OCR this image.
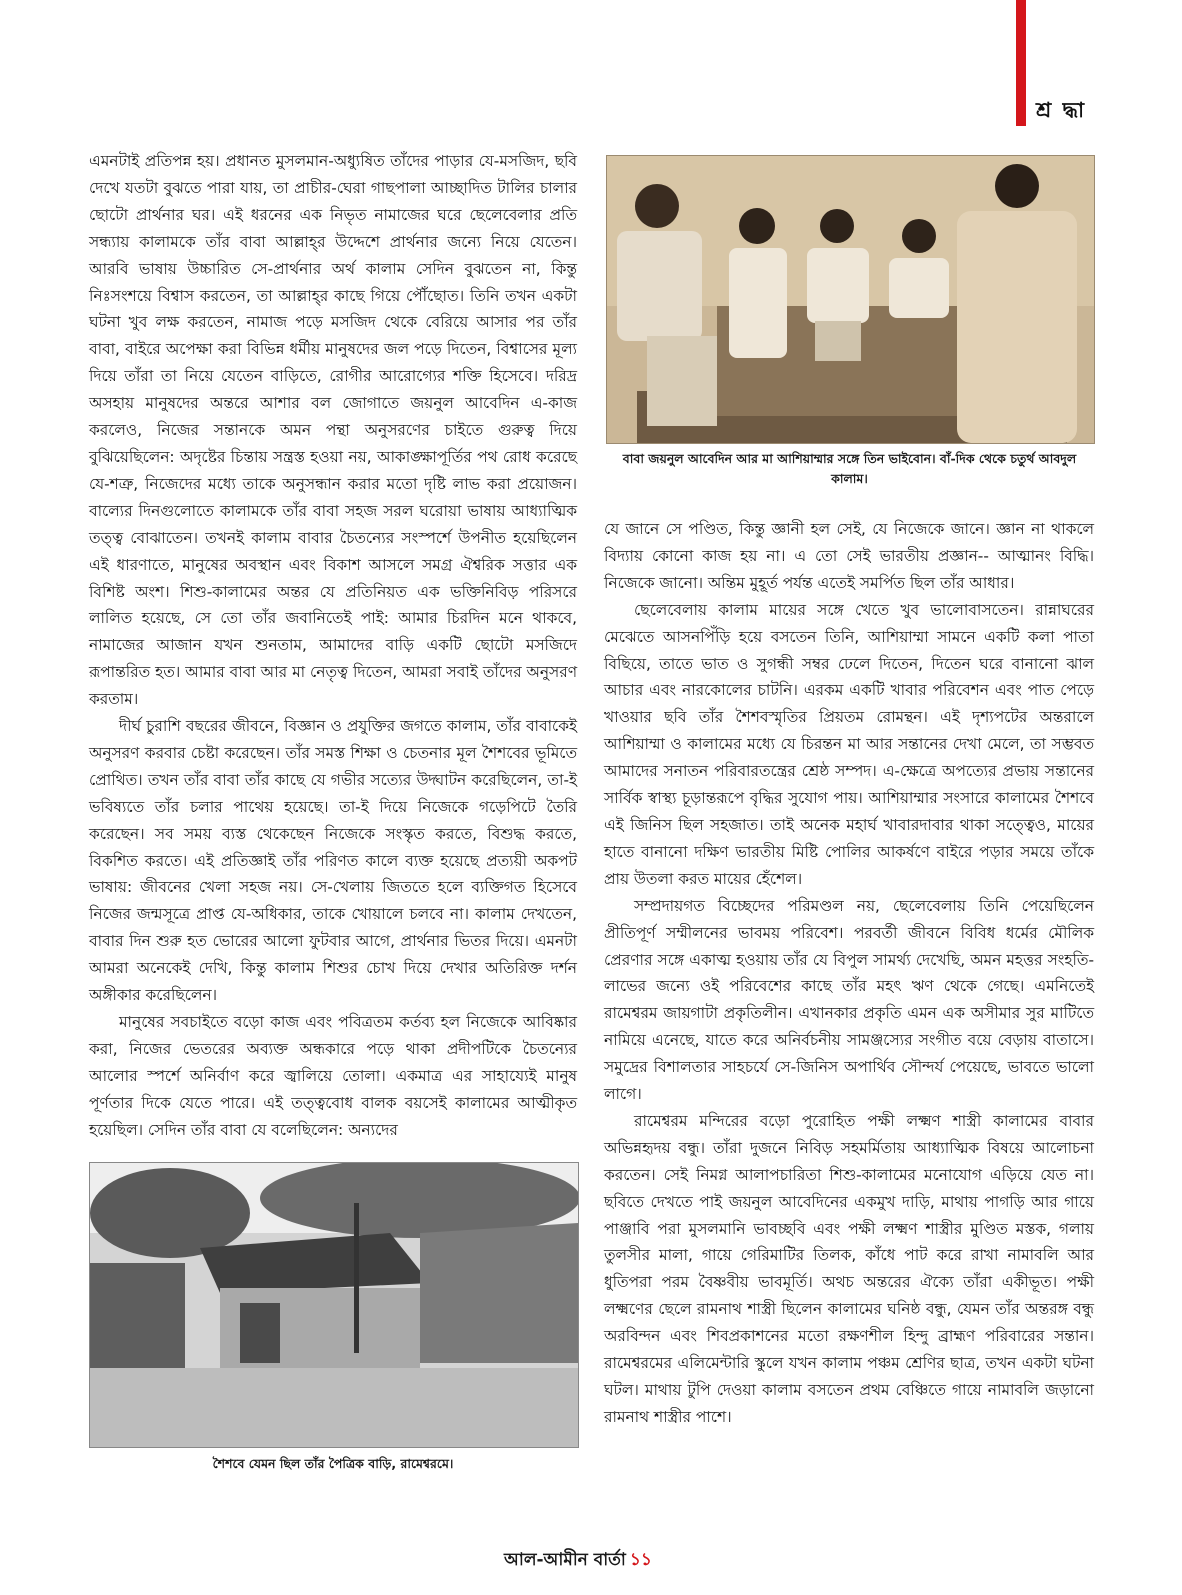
শ্র দ্ধা

এমনটাই প্রতিপন্ন হয়। প্রধানত মুসলমান-অধ্যুষিত তাঁদের পাড়ার যে-মসজিদ, ছবি দেখে যতটা বুঝতে পারা যায়, তা প্রাচীর-ঘেরা গাছপালা আচ্ছাদিত টালির চালার ছোটো প্রার্থনার ঘর। এই ধরনের এক নিভৃত নামাজের ঘরে ছেলেবেলার প্রতি সন্ধ্যায় কালামকে তাঁর বাবা আল্লাহ্‌র উদ্দেশে প্রার্থনার জন্যে নিয়ে যেতেন। আরবি ভাষায় উচ্চারিত সে-প্রার্থনার অর্থ কালাম সেদিন বুঝতেন না, কিন্তু নিঃসংশয়ে বিশ্বাস করতেন, তা আল্লাহ্‌র কাছে গিয়ে পৌঁছোত। তিনি তখন একটা ঘটনা খুব লক্ষ করতেন, নামাজ পড়ে মসজিদ থেকে বেরিয়ে আসার পর তাঁর বাবা, বাইরে অপেক্ষা করা বিভিন্ন ধর্মীয় মানুষদের জল পড়ে দিতেন, বিশ্বাসের মূল্য দিয়ে তাঁরা তা নিয়ে যেতেন বাড়িতে, রোগীর আরোগ্যের শক্তি হিসেবে। দরিদ্র অসহায় মানুষদের অন্তরে আশার বল জোগাতে জয়নুল আবেদিন এ-কাজ করলেও, নিজের সন্তানকে অমন পন্থা অনুসরণের চাইতে গুরুত্ব দিয়ে বুঝিয়েছিলেন: অদৃষ্টের চিন্তায় সন্ত্রস্ত হওয়া নয়, আকাঙ্ক্ষাপূর্তির পথ রোধ করেছে যে-শত্রু, নিজেদের মধ্যে তাকে অনুসন্ধান করার মতো দৃষ্টি লাভ করা প্রয়োজন। বাল্যের দিনগুলোতে কালামকে তাঁর বাবা সহজ সরল ঘরোয়া ভাষায় আধ্যাত্মিক তত্ত্ব বোঝাতেন। তখনই কালাম বাবার চৈতন্যের সংস্পর্শে উপনীত হয়েছিলেন এই ধারণাতে, মানুষের অবস্থান এবং বিকাশ আসলে সমগ্র ঐশ্বরিক সত্তার এক বিশিষ্ট অংশ। শিশু-কালামের অন্তর যে প্রতিনিয়ত এক ভক্তিনিবিড় পরিসরে লালিত হয়েছে, সে তো তাঁর জবানিতেই পাই: আমার চিরদিন মনে থাকবে, নামাজের আজান যখন শুনতাম, আমাদের বাড়ি একটি ছোটো মসজিদে রূপান্তরিত হত। আমার বাবা আর মা নেতৃত্ব দিতেন, আমরা সবাই তাঁদের অনুসরণ করতাম।

দীর্ঘ চুরাশি বছরের জীবনে, বিজ্ঞান ও প্রযুক্তির জগতে কালাম, তাঁর বাবাকেই অনুসরণ করবার চেষ্টা করেছেন। তাঁর সমস্ত শিক্ষা ও চেতনার মূল শৈশবের ভূমিতে প্রোথিত। তখন তাঁর বাবা তাঁর কাছে যে গভীর সত্যের উদ্ঘাটন করেছিলেন, তা-ই ভবিষ্যতে তাঁর চলার পাথেয় হয়েছে। তা-ই দিয়ে নিজেকে গড়েপিটে তৈরি করেছেন। সব সময় ব্যস্ত থেকেছেন নিজেকে সংস্কৃত করতে, বিশুদ্ধ করতে, বিকশিত করতে। এই প্রতিজ্ঞাই তাঁর পরিণত কালে ব্যক্ত হয়েছে প্রত্যয়ী অকপট ভাষায়: জীবনের খেলা সহজ নয়। সে-খেলায় জিততে হলে ব্যক্তিগত হিসেবে নিজের জন্মসূত্রে প্রাপ্ত যে-অধিকার, তাকে খোয়ালে চলবে না। কালাম দেখতেন, বাবার দিন শুরু হত ভোরের আলো ফুটবার আগে, প্রার্থনার ভিতর দিয়ে। এমনটা আমরা অনেকেই দেখি, কিন্তু কালাম শিশুর চোখ দিয়ে দেখার অতিরিক্ত দর্শন অঙ্গীকার করেছিলেন।

মানুষের সবচাইতে বড়ো কাজ এবং পবিত্রতম কর্তব্য হল নিজেকে আবিষ্কার করা, নিজের ভেতরের অব্যক্ত অন্ধকারে পড়ে থাকা প্রদীপটিকে চৈতন্যের আলোর স্পর্শে অনির্বাণ করে জ্বালিয়ে তোলা। একমাত্র এর সাহায্যেই মানুষ পূর্ণতার দিকে যেতে পারে। এই তত্ত্ববোধ বালক বয়সেই কালামের আত্মীকৃত হয়েছিল। সেদিন তাঁর বাবা যে বলেছিলেন: অন্যদের

বাবা জয়নুল আবেদিন আর মা আশিয়াম্মার সঙ্গে তিন ভাইবোন। বাঁ-দিক থেকে চতুর্থ আবদুল কালাম।

যে জানে সে পণ্ডিত, কিন্তু জ্ঞানী হল সেই, যে নিজেকে জানে। জ্ঞান না থাকলে বিদ্যায় কোনো কাজ হয় না। এ তো সেই ভারতীয় প্রজ্ঞান-- আত্মানং বিদ্ধি। নিজেকে জানো। অন্তিম মুহূর্ত পর্যন্ত এতেই সমর্পিত ছিল তাঁর আধার।

ছেলেবেলায় কালাম মায়ের সঙ্গে খেতে খুব ভালোবাসতেন। রান্নাঘরের মেঝেতে আসনপিঁড়ি হয়ে বসতেন তিনি, আশিয়াম্মা সামনে একটি কলা পাতা বিছিয়ে, তাতে ভাত ও সুগন্ধী সম্বর ঢেলে দিতেন, দিতেন ঘরে বানানো ঝাল আচার এবং নারকোলের চাটনি। এরকম একটি খাবার পরিবেশন এবং পাত পেড়ে খাওয়ার ছবি তাঁর শৈশবস্মৃতির প্রিয়তম রোমন্থন। এই দৃশ্যপটের অন্তরালে আশিয়াম্মা ও কালামের মধ্যে যে চিরন্তন মা আর সন্তানের দেখা মেলে, তা সম্ভবত আমাদের সনাতন পরিবারতন্ত্রের শ্রেষ্ঠ সম্পদ। এ-ক্ষেত্রে অপত্যের প্রভায় সন্তানের সার্বিক স্বাস্থ্য চূড়ান্তরূপে বৃদ্ধির সুযোগ পায়। আশিয়াম্মার সংসারে কালামের শৈশবে এই জিনিস ছিল সহজাত। তাই অনেক মহার্ঘ খাবারদাবার থাকা সত্ত্বেও, মায়ের হাতে বানানো দক্ষিণ ভারতীয় মিষ্টি পোলির আকর্ষণে বাইরে পড়ার সময়ে তাঁকে প্রায় উতলা করত মায়ের হেঁশেল।

সম্প্রদায়গত বিচ্ছেদের পরিমণ্ডল নয়, ছেলেবেলায় তিনি পেয়েছিলেন প্রীতিপূর্ণ সম্মীলনের ভাবময় পরিবেশ। পরবর্তী জীবনে বিবিধ ধর্মের মৌলিক প্রেরণার সঙ্গে একাত্ম হওয়ায় তাঁর যে বিপুল সামর্থ্য দেখেছি, অমন মহত্তর সংহতি-লাভের জন্যে ওই পরিবেশের কাছে তাঁর মহৎ ঋণ থেকে গেছে। এমনিতেই রামেশ্বরম জায়গাটা প্রকৃতিলীন। এখানকার প্রকৃতি এমন এক অসীমার সুর মাটিতে নামিয়ে এনেছে, যাতে করে অনির্বচনীয় সামঞ্জস্যের সংগীত বয়ে বেড়ায় বাতাসে। সমুদ্রের বিশালতার সাহচর্যে সে-জিনিস অপার্থিব সৌন্দর্য পেয়েছে, ভাবতে ভালো লাগে।

রামেশ্বরম মন্দিরের বড়ো পুরোহিত পক্ষী লক্ষ্মণ শাস্ত্রী কালামের বাবার অভিন্নহৃদয় বন্ধু। তাঁরা দুজনে নিবিড় সহমর্মিতায় আধ্যাত্মিক বিষয়ে আলোচনা করতেন। সেই নিমগ্ন আলাপচারিতা শিশু-কালামের মনোযোগ এড়িয়ে যেত না। ছবিতে দেখতে পাই জয়নুল আবেদিনের একমুখ দাড়ি, মাথায় পাগড়ি আর গায়ে পাঞ্জাবি পরা মুসলমানি ভাবচ্ছবি এবং পক্ষী লক্ষ্মণ শাস্ত্রীর মুণ্ডিত মস্তক, গলায় তুলসীর মালা, গায়ে গেরিমাটির তিলক, কাঁধে পাট করে রাখা নামাবলি আর ধুতিপরা পরম বৈষ্ণবীয় ভাবমূর্তি। অথচ অন্তরের ঐক্যে তাঁরা একীভূত। পক্ষী লক্ষ্মণের ছেলে রামনাথ শাস্ত্রী ছিলেন কালামের ঘনিষ্ঠ বন্ধু, যেমন তাঁর অন্তরঙ্গ বন্ধু অরবিন্দন এবং শিবপ্রকাশনের মতো রক্ষণশীল হিন্দু ব্রাহ্মণ পরিবারের সন্তান। রামেশ্বরমের এলিমেন্টারি স্কুলে যখন কালাম পঞ্চম শ্রেণির ছাত্র, তখন একটা ঘটনা ঘটল। মাথায় টুপি দেওয়া কালাম বসতেন প্রথম বেঞ্চিতে গায়ে নামাবলি জড়ানো রামনাথ শাস্ত্রীর পাশে।

শৈশবে যেমন ছিল তাঁর পৈত্রিক বাড়ি, রামেশ্বরমে।
আল-আমীন বার্তা ১১
